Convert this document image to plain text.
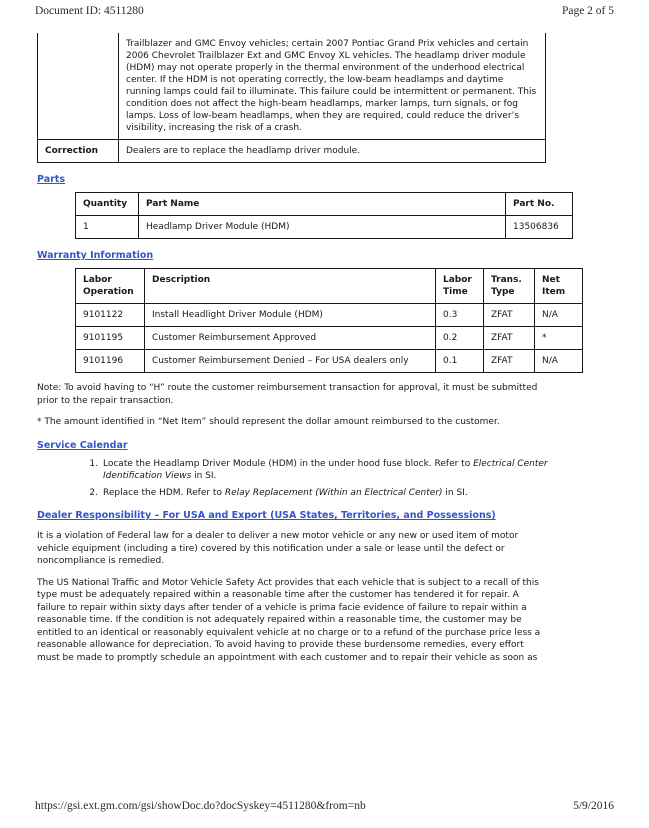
Document ID: 4511280	Page 2 of 5
	Trailblazer and GMC Envoy vehicles; certain 2007 Pontiac Grand Prix vehicles and certain 2006 Chevrolet Trailblazer Ext and GMC Envoy XL vehicles. The headlamp driver module (HDM) may not operate properly in the thermal environment of the underhood electrical center. If the HDM is not operating correctly, the low-beam headlamps and daytime running lamps could fail to illuminate. This failure could be intermittent or permanent. This condition does not affect the high-beam headlamps, marker lamps, turn signals, or fog lamps. Loss of low-beam headlamps, when they are required, could reduce the driver’s visibility, increasing the risk of a crash.
Correction	Dealers are to replace the headlamp driver module.
Parts
Quantity	Part Name	Part No.
1	Headlamp Driver Module (HDM)	13506836
Warranty Information
Labor Operation	Description	Labor Time	Trans. Type	Net Item
9101122	Install Headlight Driver Module (HDM)	0.3	ZFAT	N/A
9101195	Customer Reimbursement Approved	0.2	ZFAT	*
9101196	Customer Reimbursement Denied – For USA dealers only	0.1	ZFAT	N/A

Note: To avoid having to “H” route the customer reimbursement transaction for approval, it must be submitted prior to the repair transaction.

* The amount identified in “Net Item” should represent the dollar amount reimbursed to the customer.

Service Calendar
1. Locate the Headlamp Driver Module (HDM) in the under hood fuse block. Refer to Electrical Center Identification Views in SI.
2. Replace the HDM. Refer to Relay Replacement (Within an Electrical Center) in SI.
Dealer Responsibility – For USA and Export (USA States, Territories, and Possessions)

It is a violation of Federal law for a dealer to deliver a new motor vehicle or any new or used item of motor vehicle equipment (including a tire) covered by this notification under a sale or lease until the defect or noncompliance is remedied.

The US National Traffic and Motor Vehicle Safety Act provides that each vehicle that is subject to a recall of this type must be adequately repaired within a reasonable time after the customer has tendered it for repair. A failure to repair within sixty days after tender of a vehicle is prima facie evidence of failure to repair within a reasonable time. If the condition is not adequately repaired within a reasonable time, the customer may be entitled to an identical or reasonably equivalent vehicle at no charge or to a refund of the purchase price less a reasonable allowance for depreciation. To avoid having to provide these burdensome remedies, every effort must be made to promptly schedule an appointment with each customer and to repair their vehicle as soon as

https://gsi.ext.gm.com/gsi/showDoc.do?docSyskey=4511280&from=nb	5/9/2016
